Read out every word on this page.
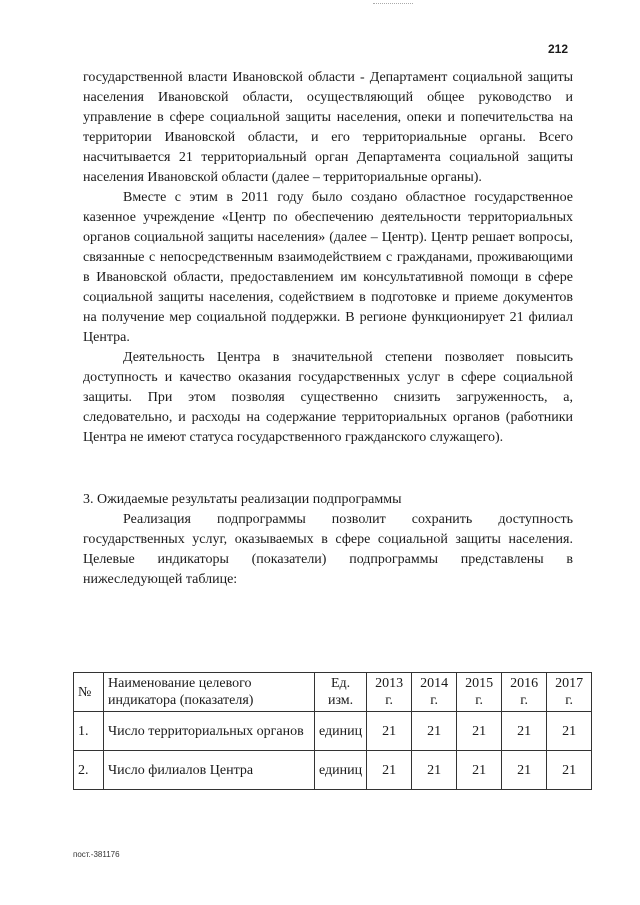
212

государственной власти Ивановской области - Департамент социальной защиты населения Ивановской области, осуществляющий общее руководство и управление в сфере социальной защиты населения, опеки и попечительства на территории Ивановской области, и его территориальные органы. Всего насчитывается 21 территориальный орган Департамента социальной защиты населения Ивановской области (далее – территориальные органы).

Вместе с этим в 2011 году было создано областное государственное казенное учреждение «Центр по обеспечению деятельности территориальных органов социальной защиты населения» (далее – Центр). Центр решает вопросы, связанные с непосредственным взаимодействием с гражданами, проживающими в Ивановской области, предоставлением им консультативной помощи в сфере социальной защиты населения, содействием в подготовке и приеме документов на получение мер социальной поддержки. В регионе функционирует 21 филиал Центра.

Деятельность Центра в значительной степени позволяет повысить доступность и качество оказания государственных услуг в сфере социальной защиты. При этом позволяя существенно снизить загруженность, а, следовательно, и расходы на содержание территориальных органов (работники Центра не имеют статуса государственного гражданского служащего).

3. Ожидаемые результаты реализации подпрограммы

Реализация подпрограммы позволит сохранить доступность государственных услуг, оказываемых в сфере социальной защиты населения. Целевые индикаторы (показатели) подпрограммы представлены в нижеследующей таблице:

№	Наименование целевого индикатора (показателя)	Ед. изм.	2013 г.	2014 г.	2015 г.	2016 г.	2017 г.
1.	Число территориальных органов	единиц	21	21	21	21	21
2.	Число филиалов Центра	единиц	21	21	21	21	21
пост.-381176
